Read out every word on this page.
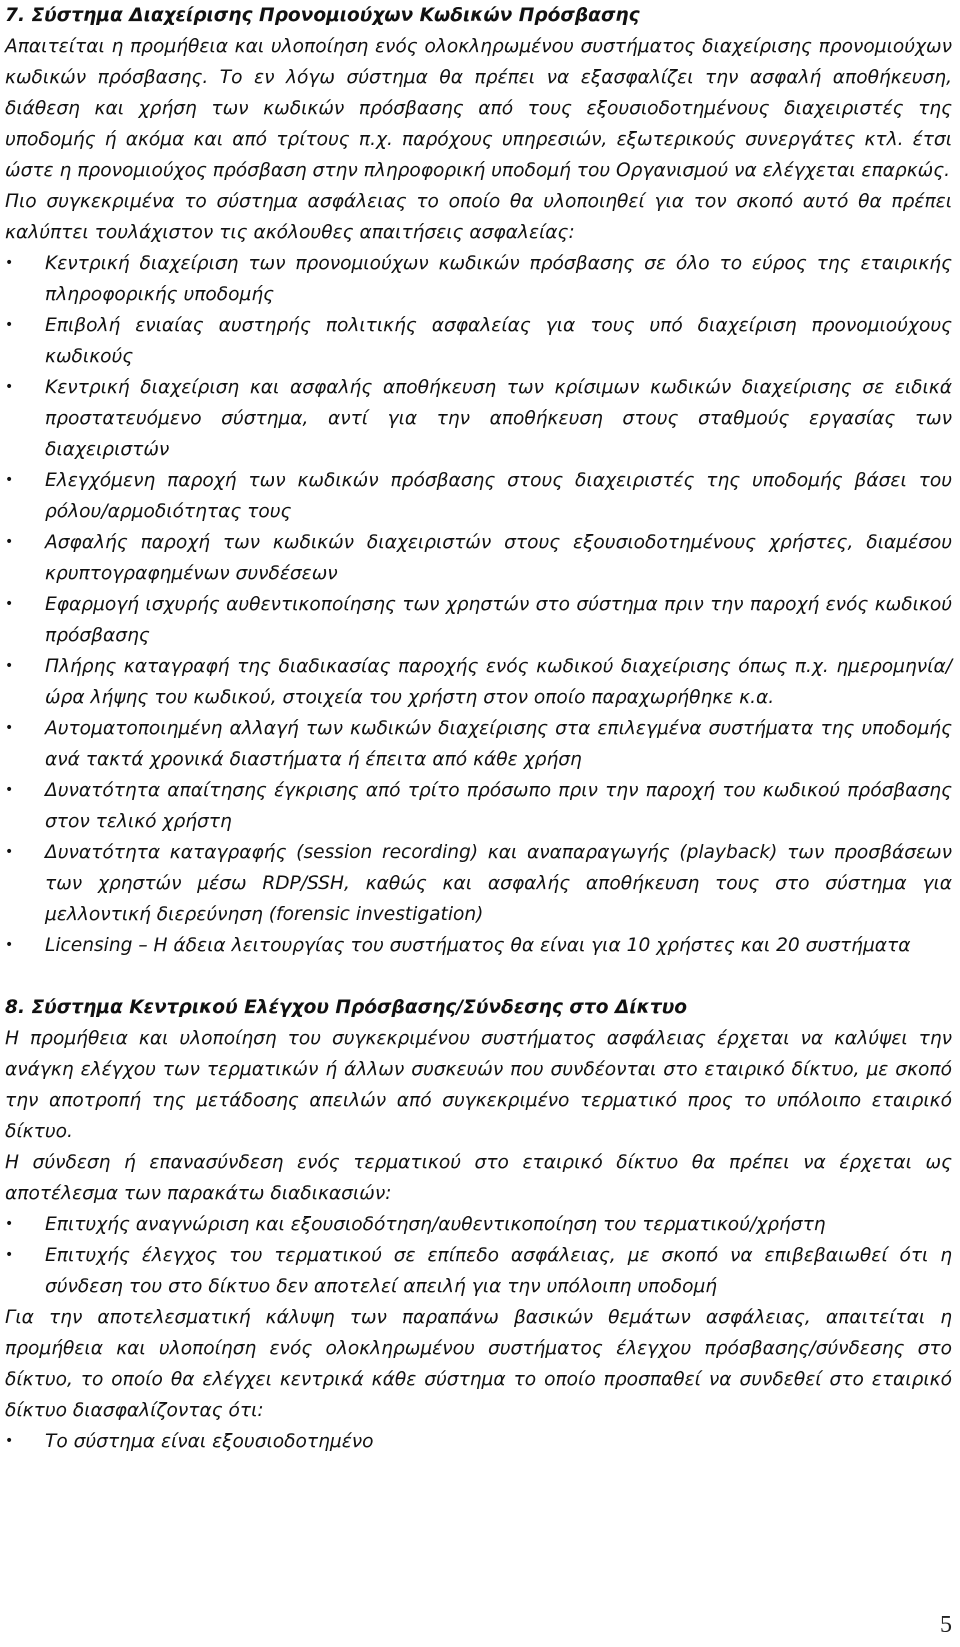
7. Σύστημα Διαχείρισης Προνομιούχων Κωδικών Πρόσβασης

Απαιτείται η προμήθεια και υλοποίηση ενός ολοκληρωμένου συστήματος διαχείρισης προνομιούχων κωδικών πρόσβασης. Το εν λόγω σύστημα θα πρέπει να εξασφαλίζει την ασφαλή αποθήκευση, διάθεση και χρήση των κωδικών πρόσβασης από τους εξουσιοδοτημένους διαχειριστές της υποδομής ή ακόμα και από τρίτους π.χ. παρόχους υπηρεσιών, εξωτερικούς συνεργάτες κτλ. έτσι ώστε η προνομιούχος πρόσβαση στην πληροφορική υποδομή του Οργανισμού να ελέγχεται επαρκώς.

Πιο συγκεκριμένα το σύστημα ασφάλειας το οποίο θα υλοποιηθεί για τον σκοπό αυτό θα πρέπει καλύπτει τουλάχιστον τις ακόλουθες απαιτήσεις ασφαλείας:

•	Κεντρική διαχείριση των προνομιούχων κωδικών πρόσβασης σε όλο το εύρος της εταιρικής πληροφορικής υποδομής
•	Επιβολή ενιαίας αυστηρής πολιτικής ασφαλείας για τους υπό διαχείριση προνομιούχους κωδικούς
•	Κεντρική διαχείριση και ασφαλής αποθήκευση των κρίσιμων κωδικών διαχείρισης σε ειδικά προστατευόμενο σύστημα, αντί για την αποθήκευση στους σταθμούς εργασίας των διαχειριστών
•	Ελεγχόμενη παροχή των κωδικών πρόσβασης στους διαχειριστές της υποδομής βάσει του ρόλου/αρμοδιότητας τους
•	Ασφαλής παροχή των κωδικών διαχειριστών στους εξουσιοδοτημένους χρήστες, διαμέσου κρυπτογραφημένων συνδέσεων
•	Εφαρμογή ισχυρής αυθεντικοποίησης των χρηστών στο σύστημα πριν την παροχή ενός κωδικού πρόσβασης
•	Πλήρης καταγραφή της διαδικασίας παροχής ενός κωδικού διαχείρισης όπως π.χ. ημερομηνία/ώρα λήψης του κωδικού, στοιχεία του χρήστη στον οποίο παραχωρήθηκε κ.α.
•	Αυτοματοποιημένη αλλαγή των κωδικών διαχείρισης στα επιλεγμένα συστήματα της υποδομής ανά τακτά χρονικά διαστήματα ή έπειτα από κάθε χρήση
•	Δυνατότητα απαίτησης έγκρισης από τρίτο πρόσωπο πριν την παροχή του κωδικού πρόσβασης στον τελικό χρήστη
•	Δυνατότητα καταγραφής (session recording) και αναπαραγωγής (playback) των προσβάσεων των χρηστών μέσω RDP/SSH, καθώς και ασφαλής αποθήκευση τους στο σύστημα για μελλοντική διερεύνηση (forensic investigation)
•	Licensing – Η άδεια λειτουργίας του συστήματος θα είναι για 10 χρήστες και 20 συστήματα
8. Σύστημα Κεντρικού Ελέγχου Πρόσβασης/Σύνδεσης στο Δίκτυο

Η προμήθεια και υλοποίηση του συγκεκριμένου συστήματος ασφάλειας έρχεται να καλύψει την ανάγκη ελέγχου των τερματικών ή άλλων συσκευών που συνδέονται στο εταιρικό δίκτυο, με σκοπό την αποτροπή της μετάδοσης απειλών από συγκεκριμένο τερματικό προς το υπόλοιπο εταιρικό δίκτυο.

Η σύνδεση ή επανασύνδεση ενός τερματικού στο εταιρικό δίκτυο θα πρέπει να έρχεται ως αποτέλεσμα των παρακάτω διαδικασιών:

•	Επιτυχής αναγνώριση και εξουσιοδότηση/αυθεντικοποίηση του τερματικού/χρήστη
•	Επιτυχής έλεγχος του τερματικού σε επίπεδο ασφάλειας, με σκοπό να επιβεβαιωθεί ότι η σύνδεση του στο δίκτυο δεν αποτελεί απειλή για την υπόλοιπη υποδομή

Για την αποτελεσματική κάλυψη των παραπάνω βασικών θεμάτων ασφάλειας, απαιτείται η προμήθεια και υλοποίηση ενός ολοκληρωμένου συστήματος έλεγχου πρόσβασης/σύνδεσης στο δίκτυο, το οποίο θα ελέγχει κεντρικά κάθε σύστημα το οποίο προσπαθεί να συνδεθεί στο εταιρικό δίκτυο διασφαλίζοντας ότι:

•	Το σύστημα είναι εξουσιοδοτημένο
5
